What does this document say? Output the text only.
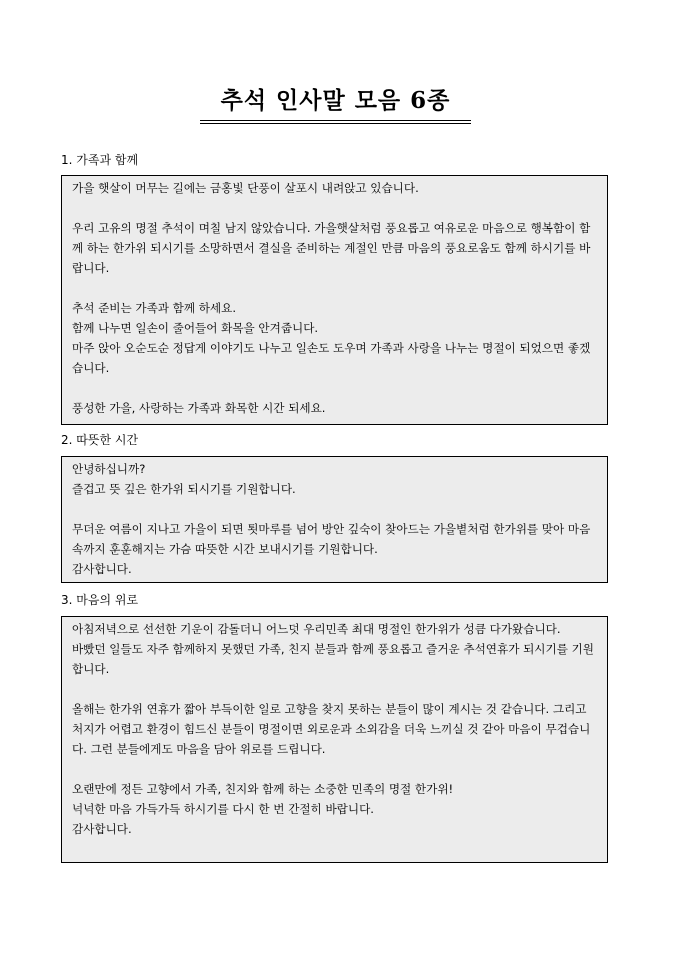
추석 인사말 모음 6종
1. 가족과 함께

가을 햇살이 머무는 길에는 금홍빛 단풍이 살포시 내려앉고 있습니다.

우리 고유의 명절 추석이 며칠 남지 않았습니다. 가을햇살처럼 풍요롭고 여유로운 마음으로 행복함이 함께 하는 한가위 되시기를 소망하면서 결실을 준비하는 계절인 만큼 마음의 풍요로움도 함께 하시기를 바랍니다.

추석 준비는 가족과 함께 하세요.

함께 나누면 일손이 줄어들어 화목을 안겨줍니다.

마주 앉아 오순도순 정답게 이야기도 나누고 일손도 도우며 가족과 사랑을 나누는 명절이 되었으면 좋겠습니다.

풍성한 가을, 사랑하는 가족과 화목한 시간 되세요.

2. 따뜻한 시간

안녕하십니까?

즐겁고 뜻 깊은 한가위 되시기를 기원합니다.

무더운 여름이 지나고 가을이 되면 툇마루를 넘어 방안 깊숙이 찾아드는 가을볕처럼 한가위를 맞아 마음 속까지 훈훈해지는 가슴 따뜻한 시간 보내시기를 기원합니다.

감사합니다.

3. 마음의 위로

아침저녁으로 선선한 기운이 감돌더니 어느덧 우리민족 최대 명절인 한가위가 성큼 다가왔습니다.

바빴던 일들도 자주 함께하지 못했던 가족, 친지 분들과 함께 풍요롭고 즐거운 추석연휴가 되시기를 기원합니다.

올해는 한가위 연휴가 짧아 부득이한 일로 고향을 찾지 못하는 분들이 많이 계시는 것 같습니다. 그리고 처지가 어렵고 환경이 힘드신 분들이 명절이면 외로운과 소외감을 더욱 느끼실 것 같아 마음이 무겁습니다. 그런 분들에게도 마음을 담아 위로를 드립니다.

오랜만에 정든 고향에서 가족, 친지와 함께 하는 소중한 민족의 명절 한가위!

넉넉한 마음 가득가득 하시기를 다시 한 번 간절히 바랍니다.

감사합니다.
